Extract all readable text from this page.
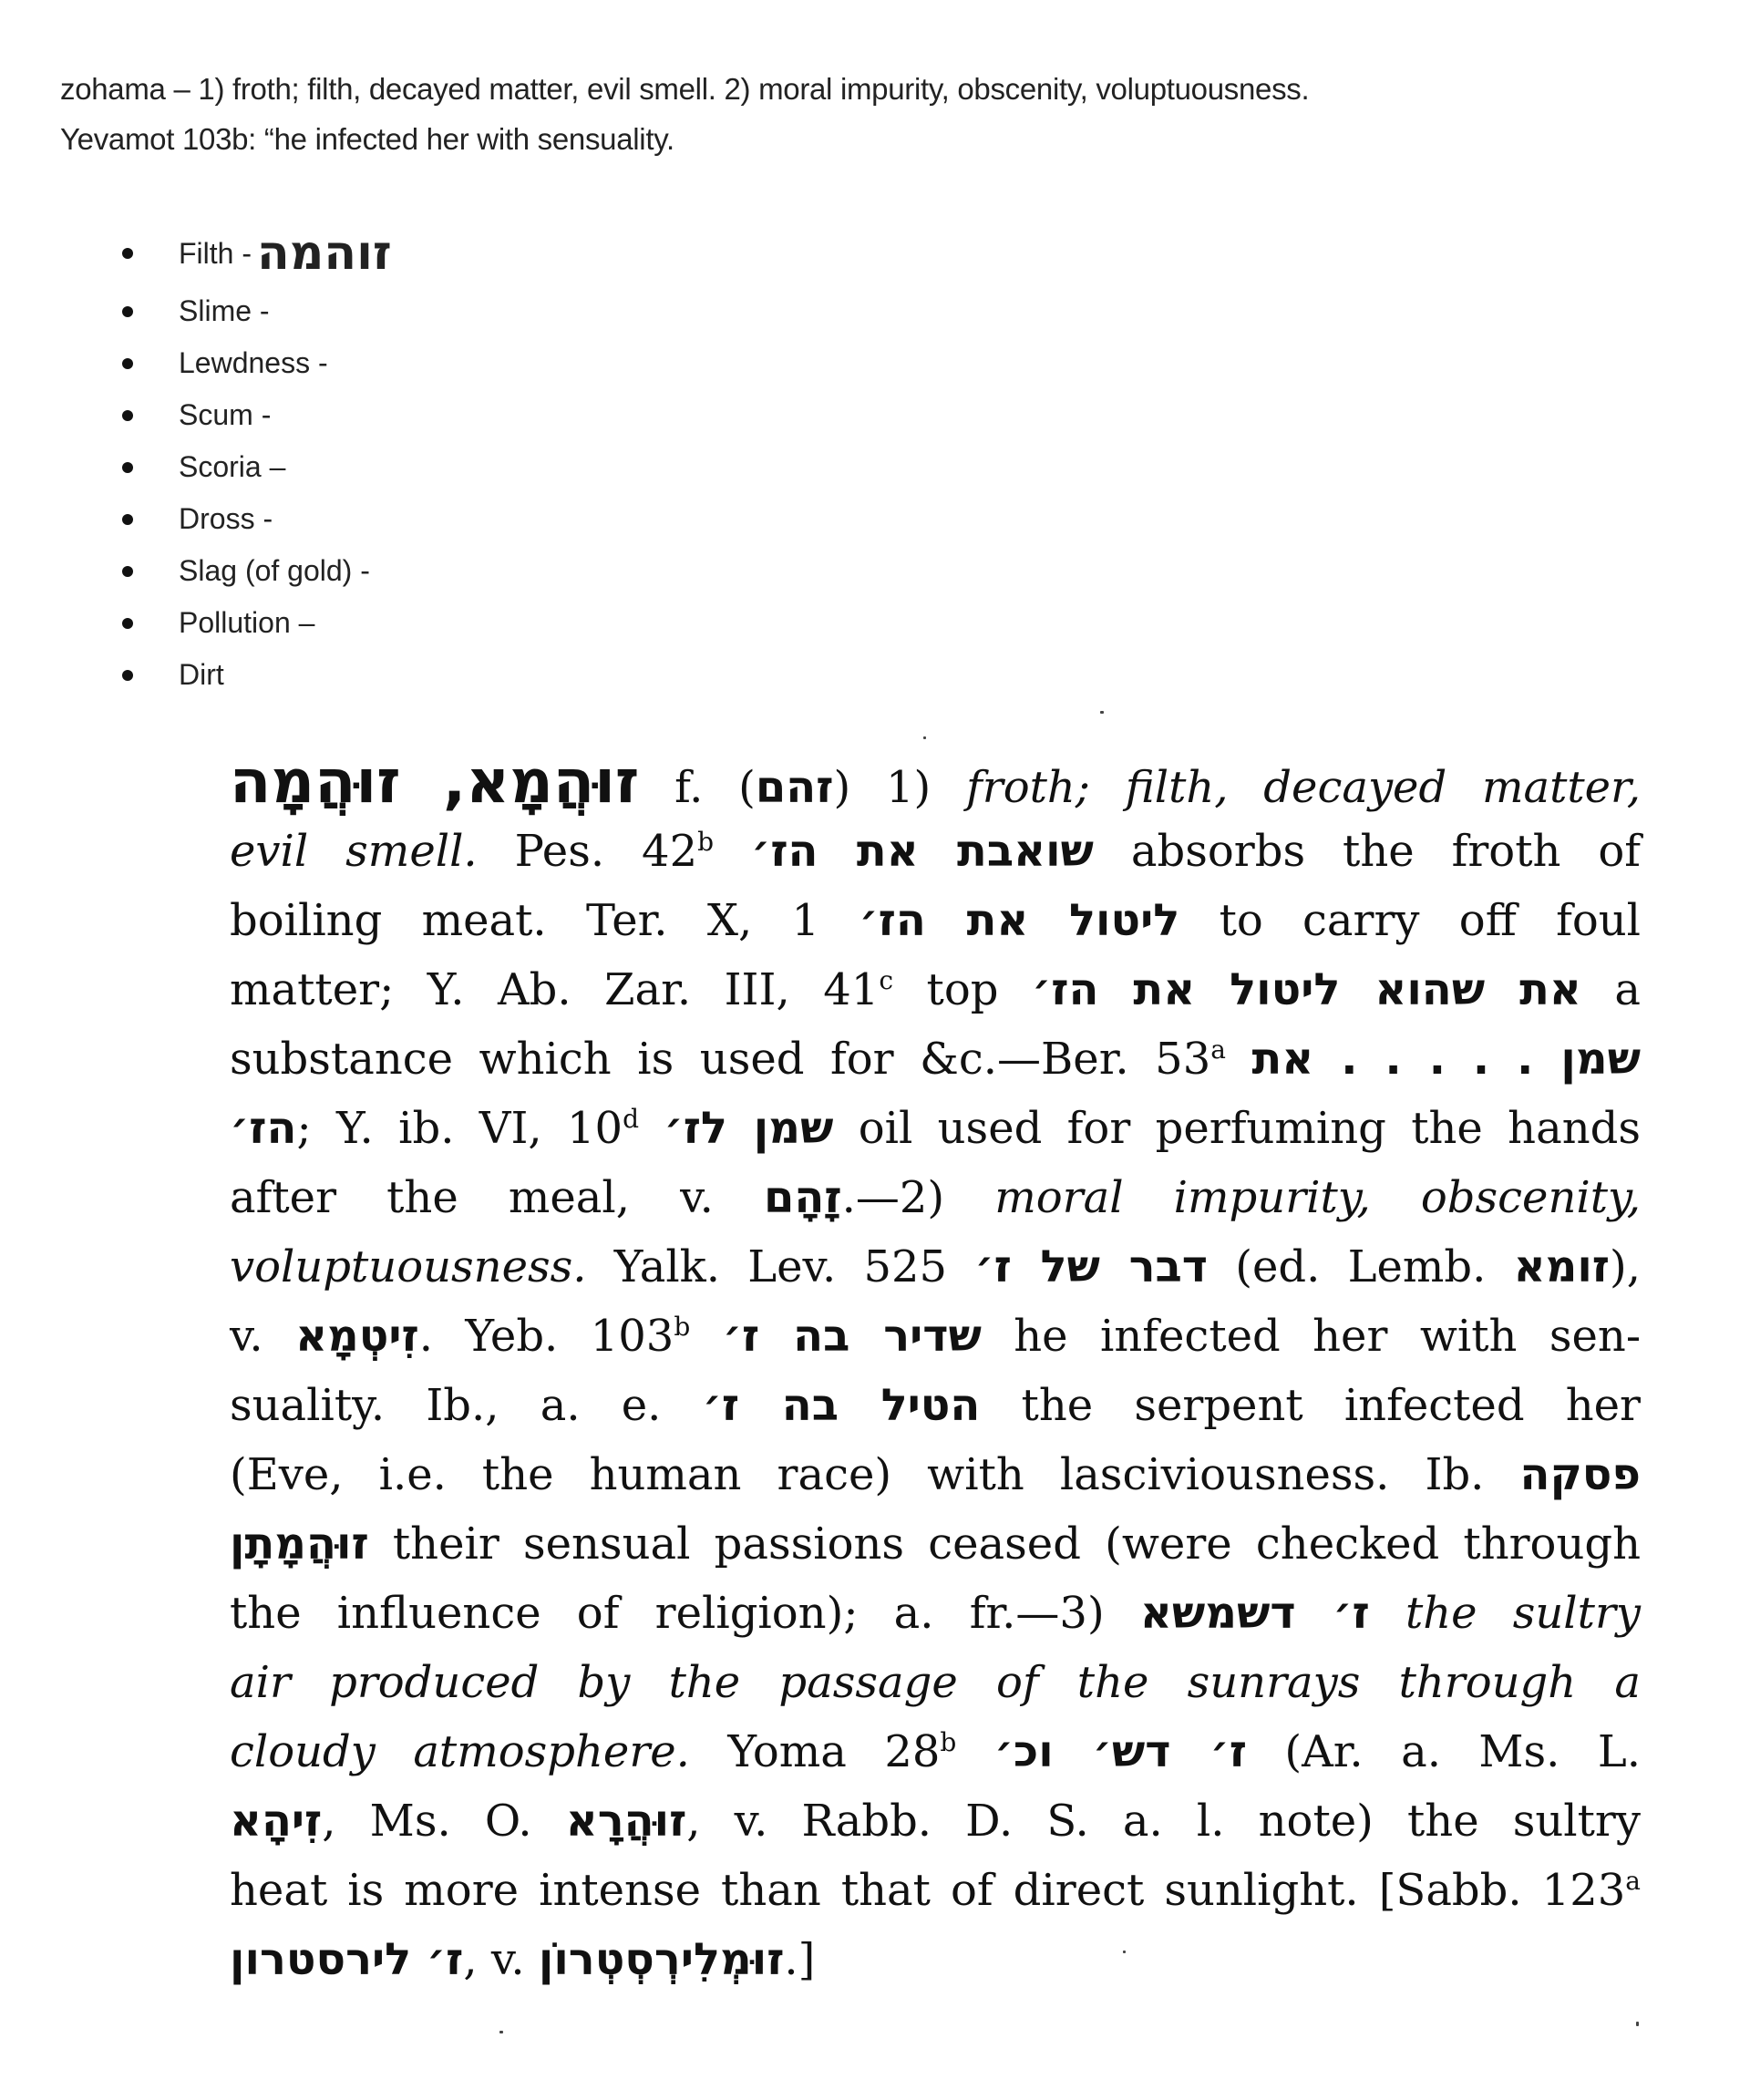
zohama – 1) froth; filth, decayed matter, evil smell. 2) moral impurity, obscenity, voluptuousness.
Yevamot 103b: “he infected her with sensuality.
Filth - זוהמה
Slime -
Lewdness -
Scum -
Scoria –
Dross -
Slag (of gold) -
Pollution –
Dirt
זוּהֲמָא, זוּהֲמָה f. (זהם) 1) froth; filth, decayed matter,
evil smell. Pes. 42$^b$ שואבת את הז׳ absorbs the froth of
boiling meat. Ter. X, 1 ליטול את הז׳ to carry off foul
matter; Y. Ab. Zar. III, 41$^c$ top את שהוא ליטול את הז׳ a
substance which is used for &c.—Ber. 53$^a$ שמן . . . . . את
הז׳; Y. ib. VI, 10$^d$ שמן לז׳ oil used for perfuming the hands
after the meal, v. זָהָם.—2) moral impurity, obscenity,
voluptuousness. Yalk. Lev. 525 דבר של ז׳ (ed. Lemb. זומא),
v. זִיטְמָא. Yeb. 103$^b$ שדיר בה ז׳ he infected her with sen-
suality. Ib., a. e. הטיל בה ז׳ the serpent infected her
(Eve, i.e. the human race) with lasciviousness. Ib. פסקה
זוּהֲמָתָן their sensual passions ceased (were checked through
the influence of religion); a. fr.—3) ז׳ דשמשא the sultry
air produced by the passage of the sunrays through a
cloudy atmosphere. Yoma 28$^b$ ז׳ דש׳ וכ׳ (Ar. a. Ms. L.
זִיהָא, Ms. O. זוּהֲרָא, v. Rabb. D. S. a. l. note) the sultry
heat is more intense than that of direct sunlight. [Sabb. 123$^a$
ז׳ לירסטרון, v. זוּמְלִירְסְטְרוֹן.]
